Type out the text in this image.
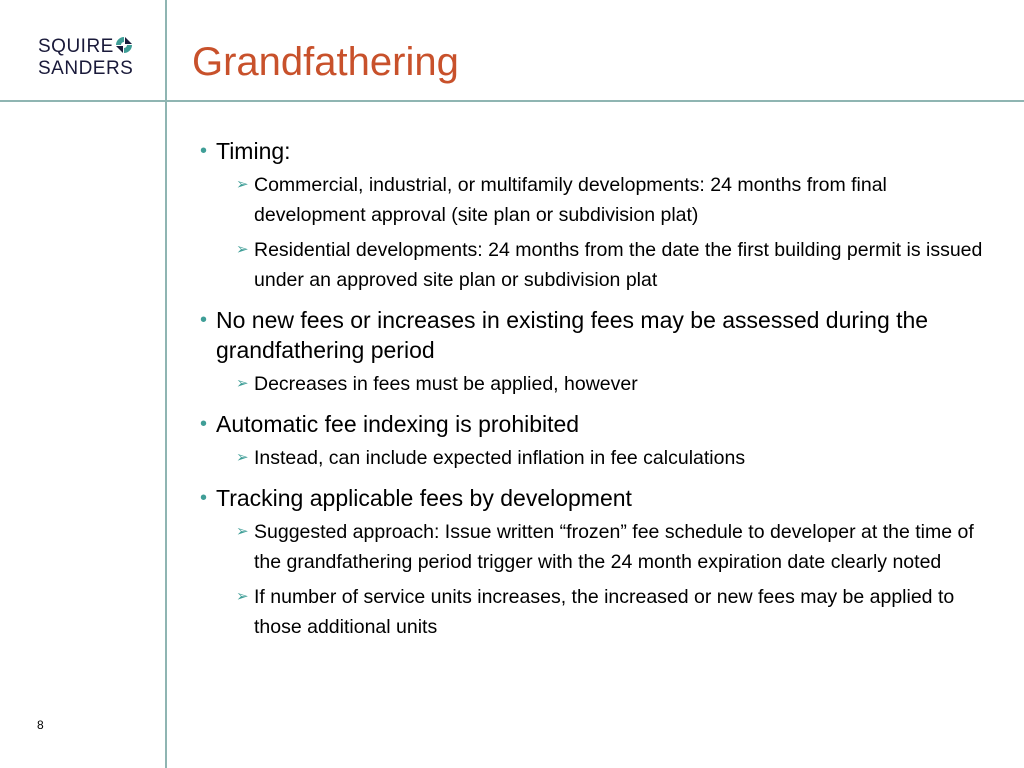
SQUIRE
SANDERS	Grandfathering
• Timing:
➢ Commercial, industrial, or multifamily developments: 24 months from final development approval (site plan or subdivision plat)
➢ Residential developments: 24 months from the date the first building permit is issued under an approved site plan or subdivision plat
• No new fees or increases in existing fees may be assessed during the grandfathering period
➢ Decreases in fees must be applied, however
• Automatic fee indexing is prohibited
➢ Instead, can include expected inflation in fee calculations
• Tracking applicable fees by development
➢ Suggested approach: Issue written “frozen” fee schedule to developer at the time of the grandfathering period trigger with the 24 month expiration date clearly noted
➢ If number of service units increases, the increased or new fees may be applied to those additional units
8
